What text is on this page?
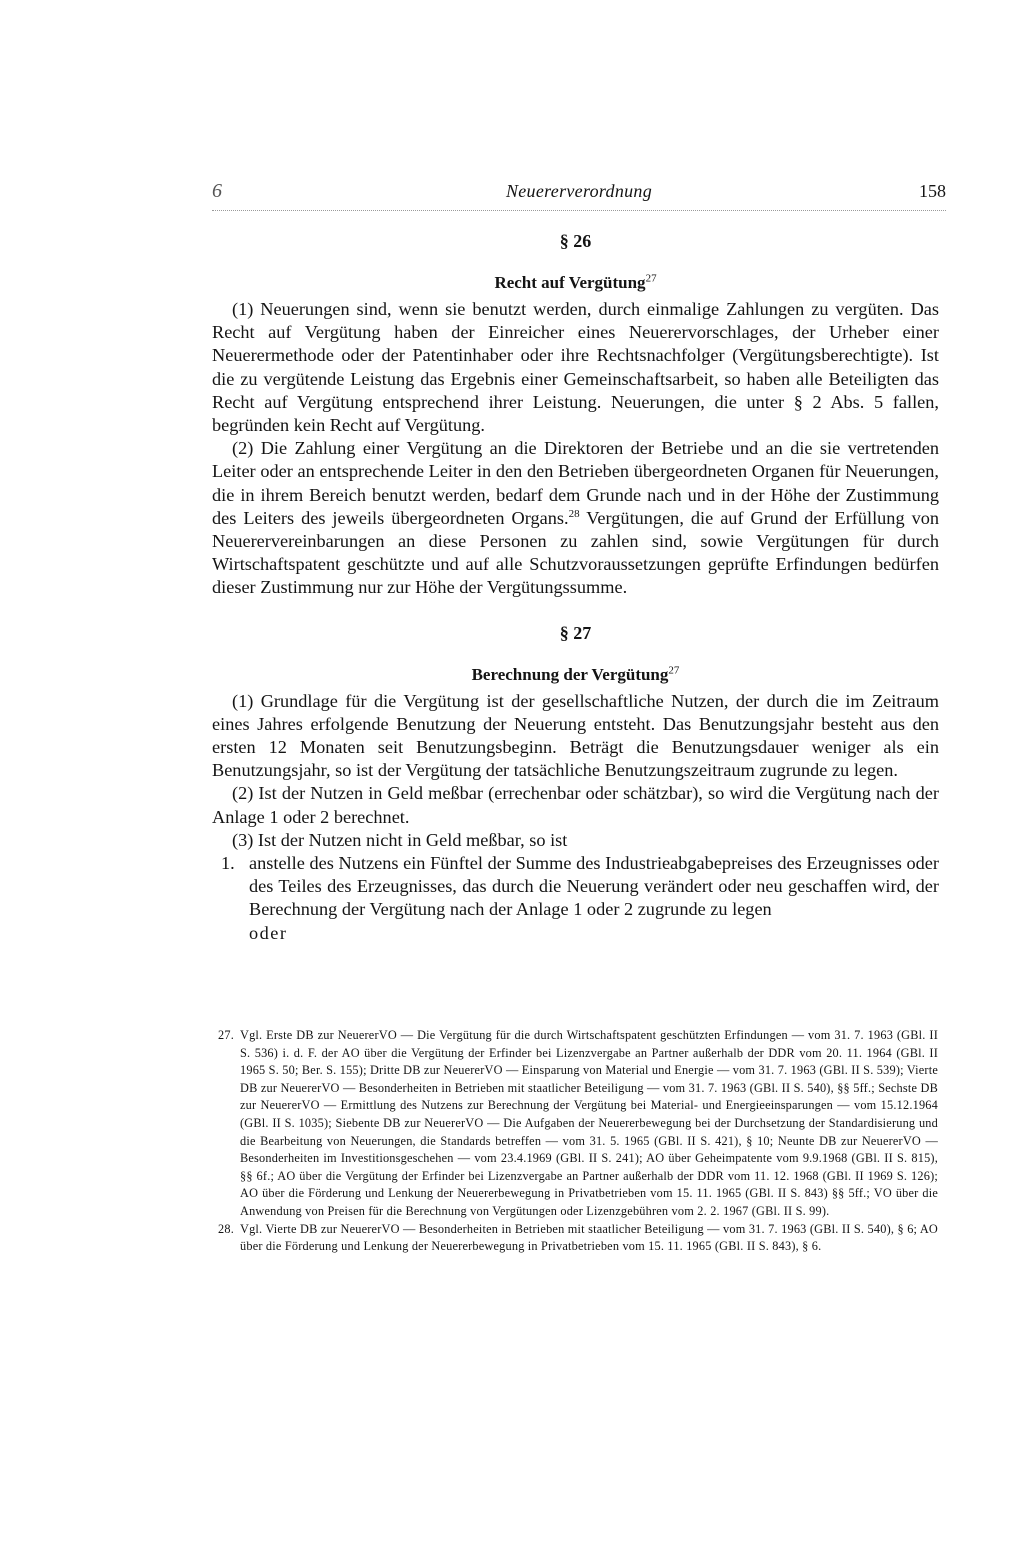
6	Neuererverordnung	158

§ 26

Recht auf Vergütung$^{27}$

(1) Neuerungen sind, wenn sie benutzt werden, durch einmalige Zahlungen zu vergüten. Das Recht auf Vergütung haben der Einreicher eines Neuerervorschlages, der Urheber einer Neuerermethode oder der Patentinhaber oder ihre Rechtsnachfolger (Vergütungsberechtigte). Ist die zu vergütende Leistung das Ergebnis einer Gemeinschaftsarbeit, so haben alle Beteiligten das Recht auf Vergütung entsprechend ihrer Leistung. Neuerungen, die unter § 2 Abs. 5 fallen, begründen kein Recht auf Vergütung.

(2) Die Zahlung einer Vergütung an die Direktoren der Betriebe und an die sie vertretenden Leiter oder an entsprechende Leiter in den den Betrieben übergeordneten Organen für Neuerungen, die in ihrem Bereich benutzt werden, bedarf dem Grunde nach und in der Höhe der Zustimmung des Leiters des jeweils übergeordneten Organs.$^{28}$ Vergütungen, die auf Grund der Erfüllung von Neuerervereinbarungen an diese Personen zu zahlen sind, sowie Vergütungen für durch Wirtschaftspatent geschützte und auf alle Schutzvoraussetzungen geprüfte Erfindungen bedürfen dieser Zustimmung nur zur Höhe der Vergütungssumme.

§ 27

Berechnung der Vergütung$^{27}$

(1) Grundlage für die Vergütung ist der gesellschaftliche Nutzen, der durch die im Zeitraum eines Jahres erfolgende Benutzung der Neuerung entsteht. Das Benutzungsjahr besteht aus den ersten 12 Monaten seit Benutzungsbeginn. Beträgt die Benutzungsdauer weniger als ein Benutzungsjahr, so ist der Vergütung der tatsächliche Benutzungszeitraum zugrunde zu legen.

(2) Ist der Nutzen in Geld meßbar (errechenbar oder schätzbar), so wird die Vergütung nach der Anlage 1 oder 2 berechnet.

(3) Ist der Nutzen nicht in Geld meßbar, so ist

1. anstelle des Nutzens ein Fünftel der Summe des Industrieabgabepreises des Erzeugnisses oder des Teiles des Erzeugnisses, das durch die Neuerung verändert oder neu geschaffen wird, der Berechnung der Vergütung nach der Anlage 1 oder 2 zugrunde zu legen

oder

27. Vgl. Erste DB zur NeuererVO — Die Vergütung für die durch Wirtschaftspatent geschützten Erfindungen — vom 31. 7. 1963 (GBl. II S. 536) i. d. F. der AO über die Vergütung der Erfinder bei Lizenzvergabe an Partner außerhalb der DDR vom 20. 11. 1964 (GBl. II 1965 S. 50; Ber. S. 155); Dritte DB zur NeuererVO — Einsparung von Material und Energie — vom 31. 7. 1963 (GBl. II S. 539); Vierte DB zur NeuererVO — Besonderheiten in Betrieben mit staatlicher Beteiligung — vom 31. 7. 1963 (GBl. II S. 540), §§ 5ff.; Sechste DB zur NeuererVO — Ermittlung des Nutzens zur Berechnung der Vergütung bei Material- und Energieeinsparungen — vom 15.12.1964 (GBl. II S. 1035); Siebente DB zur NeuererVO — Die Aufgaben der Neuererbewegung bei der Durchsetzung der Standardisierung und die Bearbeitung von Neuerungen, die Standards betreffen — vom 31. 5. 1965 (GBl. II S. 421), § 10; Neunte DB zur NeuererVO — Besonderheiten im Investitionsgeschehen — vom 23.4.1969 (GBl. II S. 241); AO über Geheimpatente vom 9.9.1968 (GBl. II S. 815), §§ 6f.; AO über die Vergütung der Erfinder bei Lizenzvergabe an Partner außerhalb der DDR vom 11. 12. 1968 (GBl. II 1969 S. 126); AO über die Förderung und Lenkung der Neuererbewegung in Privatbetrieben vom 15. 11. 1965 (GBl. II S. 843) §§ 5ff.; VO über die Anwendung von Preisen für die Berechnung von Vergütungen oder Lizenzgebühren vom 2. 2. 1967 (GBl. II S. 99).
28. Vgl. Vierte DB zur NeuererVO — Besonderheiten in Betrieben mit staatlicher Beteiligung — vom 31. 7. 1963 (GBl. II S. 540), § 6; AO über die Förderung und Lenkung der Neuererbewegung in Privatbetrieben vom 15. 11. 1965 (GBl. II S. 843), § 6.
